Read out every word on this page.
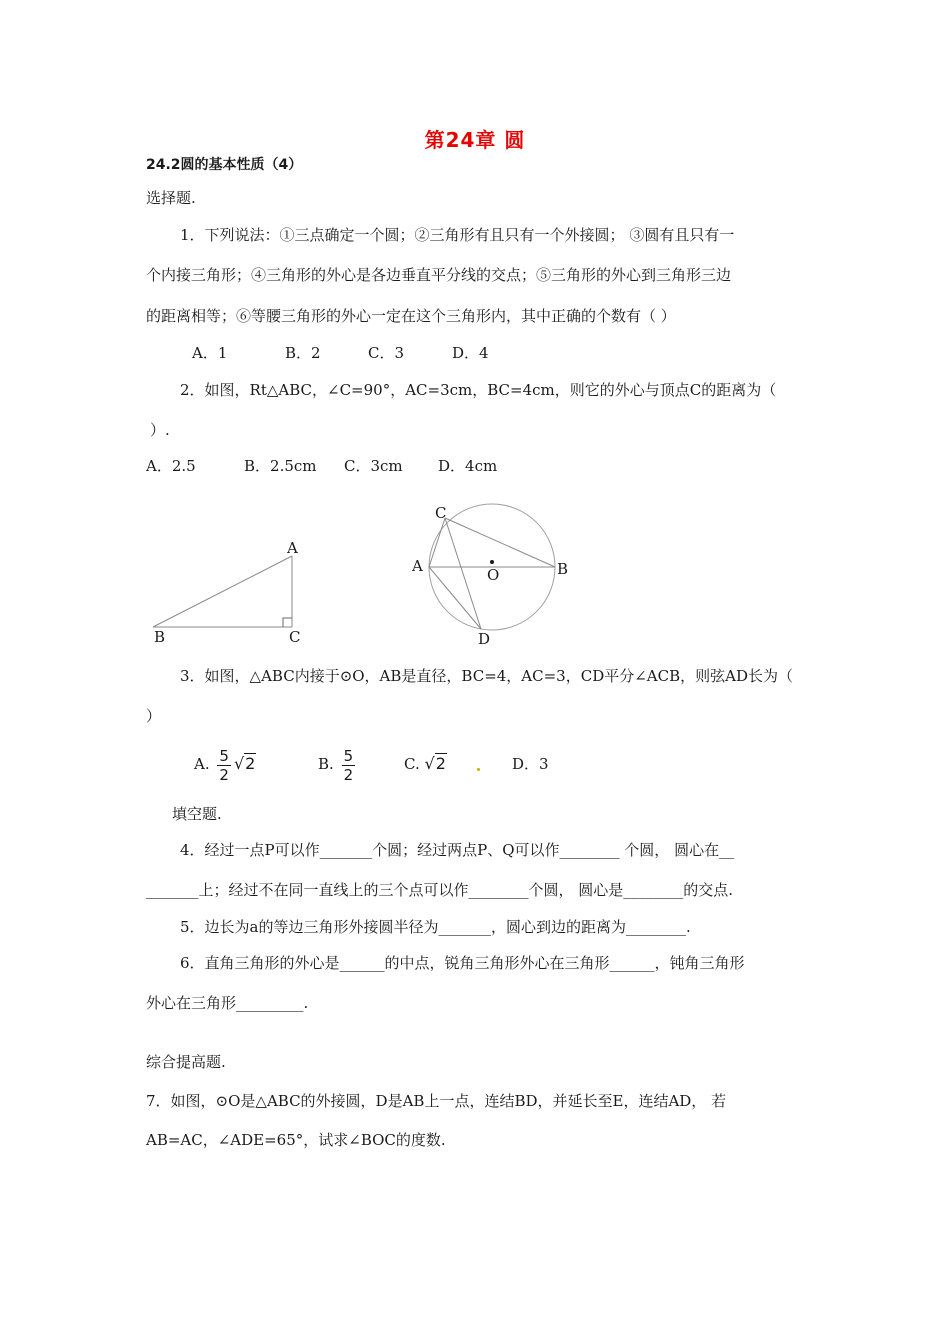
第24章 圆
24.2圆的基本性质（4）
选择题.
1．下列说法：①三点确定一个圆；②三角形有且只有一个外接圆； ③圆有且只有一
个内接三角形；④三角形的外心是各边垂直平分线的交点；⑤三角形的外心到三角形三边
的距离相等；⑥等腰三角形的外心一定在这个三角形内，其中正确的个数有（ ）
A．1	B．2	C．3	D．4
2．如图，Rt△ABC，∠C=90°，AC=3cm，BC=4cm，则它的外心与顶点C的距离为（
）.
A．2.5	B．2.5cm C．3cm D．4cm
A
B	C
C
A	O	B
D
3．如图，△ABC内接于⊙O，AB是直径，BC=4，AC=3，CD平分∠ACB，则弦AD长为（
）
A. $\frac{5}{2} √2$	B. $\frac{5}{2}$	C. √2	D．3
填空题.
4．经过一点P可以作_______个圆；经过两点P、Q可以作________ 个圆， 圆心在__
_______上；经过不在同一直线上的三个点可以作________个圆， 圆心是________的交点.
5．边长为a的等边三角形外接圆半径为_______，圆心到边的距离为________.
6．直角三角形的外心是______的中点，锐角三角形外心在三角形______，钝角三角形
外心在三角形_________.
综合提高题.
7．如图，⊙O是△ABC的外接圆，D是AB上一点，连结BD，并延长至E，连结AD， 若
AB=AC，∠ADE=65°，试求∠BOC的度数.
